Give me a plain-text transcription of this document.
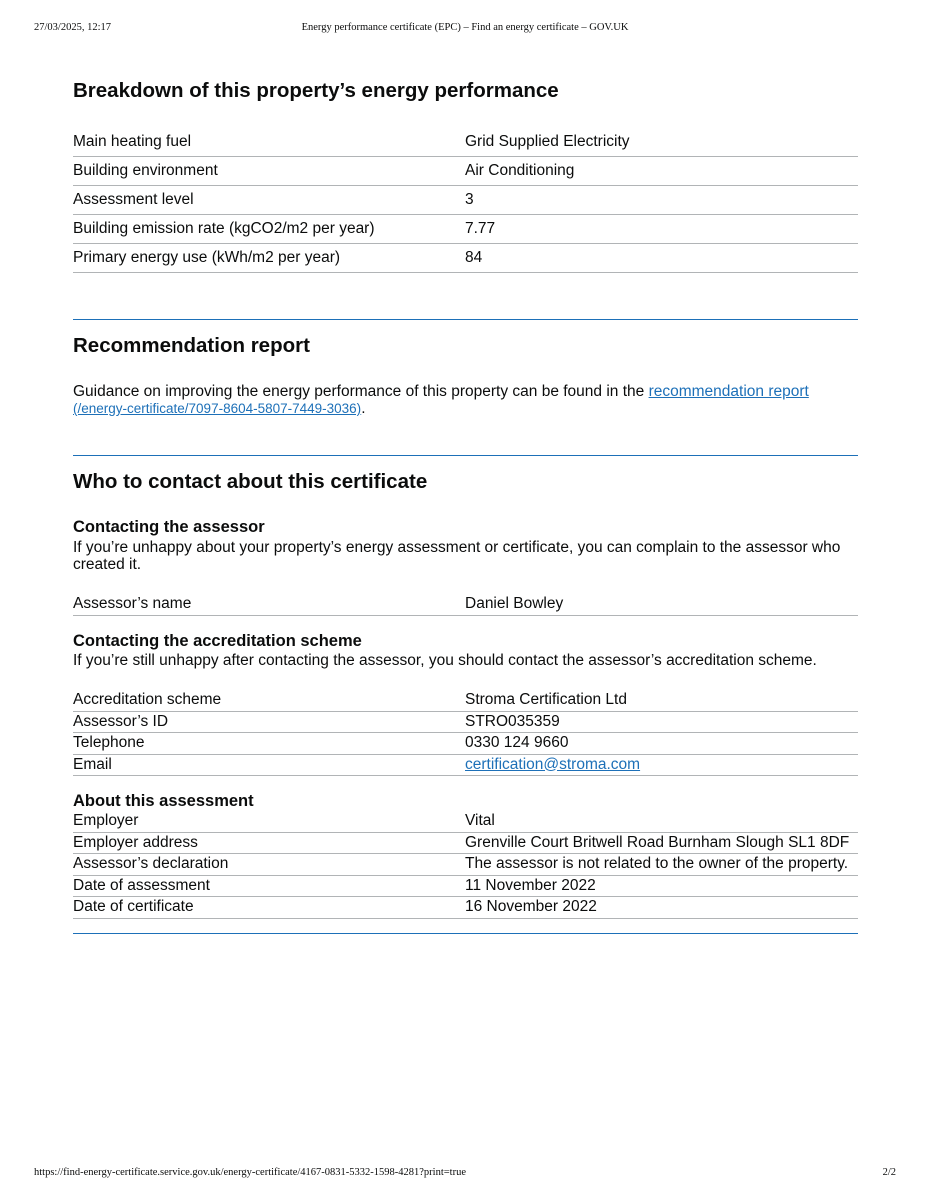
27/03/2025, 12:17	Energy performance certificate (EPC) – Find an energy certificate – GOV.UK
Breakdown of this property’s energy performance
Main heating fuel	Grid Supplied Electricity
Building environment	Air Conditioning
Assessment level	3
Building emission rate (kgCO2/m2 per year)	7.77
Primary energy use (kWh/m2 per year)	84
Recommendation report

Guidance on improving the energy performance of this property can be found in the recommendation report
(/energy-certificate/7097-8604-5807-7449-3036).

Who to contact about this certificate
Contacting the assessor

If you’re unhappy about your property’s energy assessment or certificate, you can complain to the assessor who created it.

Assessor’s name	Daniel Bowley
Contacting the accreditation scheme

If you’re still unhappy after contacting the assessor, you should contact the assessor’s accreditation scheme.

Accreditation scheme	Stroma Certification Ltd
Assessor’s ID	STRO035359
Telephone	0330 124 9660
Email	certification@stroma.com
About this assessment
Employer	Vital
Employer address	Grenville Court Britwell Road Burnham Slough SL1 8DF
Assessor’s declaration	The assessor is not related to the owner of the property.
Date of assessment	11 November 2022
Date of certificate	16 November 2022
https://find-energy-certificate.service.gov.uk/energy-certificate/4167-0831-5332-1598-4281?print=true	2/2
